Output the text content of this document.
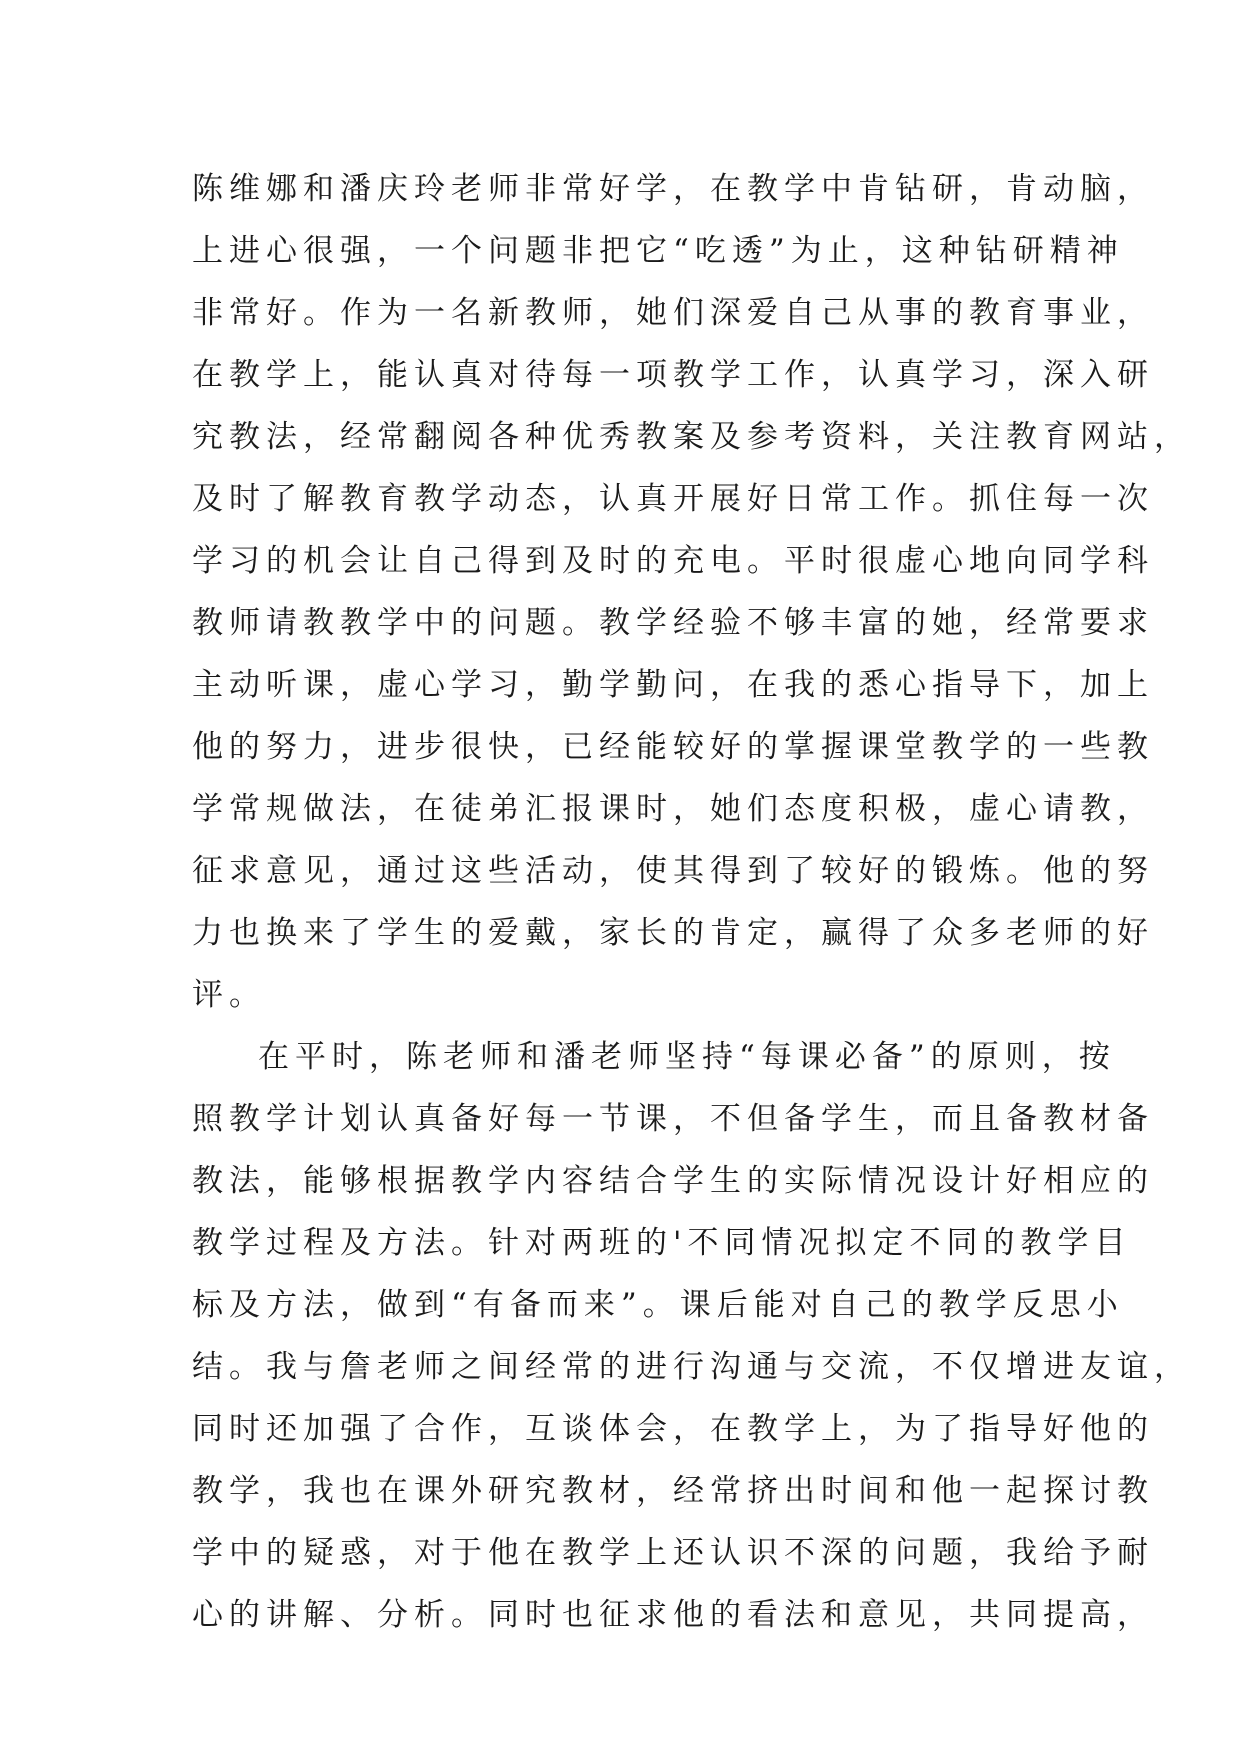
陈维娜和潘庆玲老师非常好学，在教学中肯钻研，肯动脑，
上进心很强，一个问题非把它“吃透”为止，这种钻研精神
非常好。作为一名新教师，她们深爱自己从事的教育事业，
在教学上，能认真对待每一项教学工作，认真学习，深入研
究教法，经常翻阅各种优秀教案及参考资料，关注教育网站，
及时了解教育教学动态，认真开展好日常工作。抓住每一次
学习的机会让自己得到及时的充电。平时很虚心地向同学科
教师请教教学中的问题。教学经验不够丰富的她，经常要求
主动听课，虚心学习，勤学勤问，在我的悉心指导下，加上
他的努力，进步很快，已经能较好的掌握课堂教学的一些教
学常规做法，在徒弟汇报课时，她们态度积极，虚心请教，
征求意见，通过这些活动，使其得到了较好的锻炼。他的努
力也换来了学生的爱戴，家长的肯定，赢得了众多老师的好
评。
在平时，陈老师和潘老师坚持“每课必备”的原则，按
照教学计划认真备好每一节课，不但备学生，而且备教材备
教法，能够根据教学内容结合学生的实际情况设计好相应的
教学过程及方法。针对两班的'不同情况拟定不同的教学目
标及方法，做到“有备而来”。课后能对自己的教学反思小
结。我与詹老师之间经常的进行沟通与交流，不仅增进友谊，
同时还加强了合作，互谈体会，在教学上，为了指导好他的
教学，我也在课外研究教材，经常挤出时间和他一起探讨教
学中的疑惑，对于他在教学上还认识不深的问题，我给予耐
心的讲解、分析。同时也征求他的看法和意见，共同提高，
